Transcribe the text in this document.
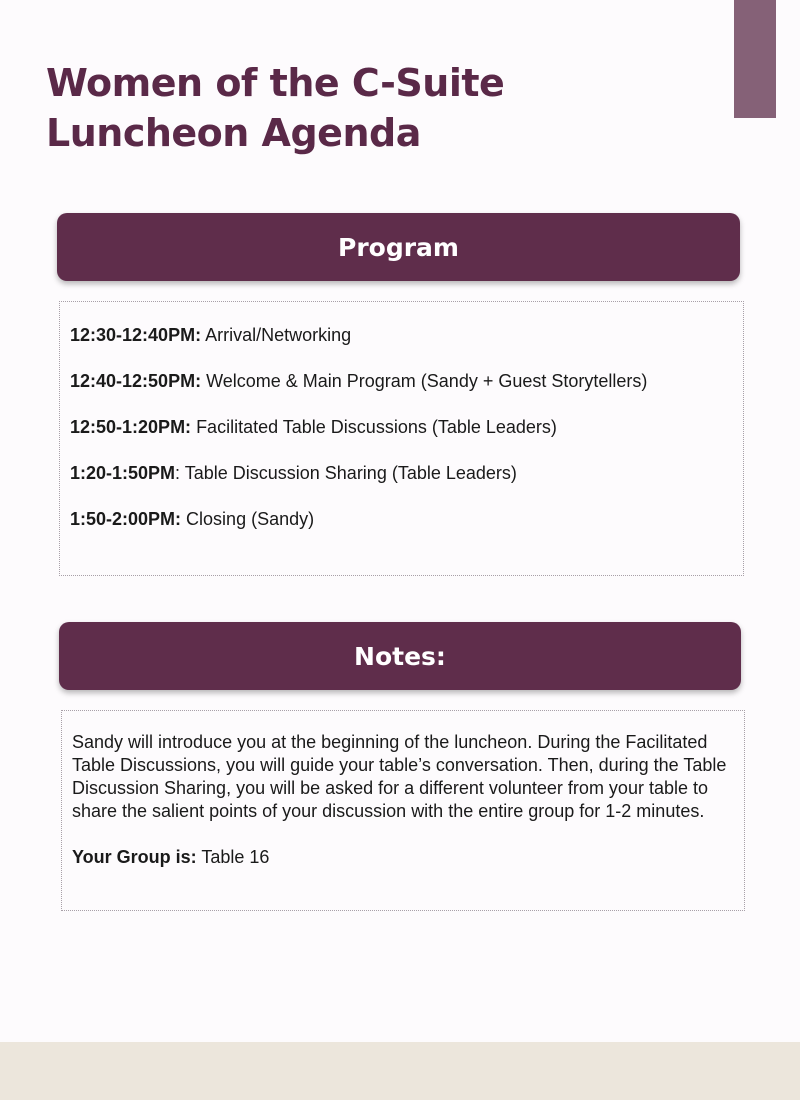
Women of the C-Suite
Luncheon Agenda
Program
12:30-12:40PM: Arrival/Networking
12:40-12:50PM: Welcome & Main Program (Sandy + Guest Storytellers)
12:50-1:20PM: Facilitated Table Discussions (Table Leaders)
1:20-1:50PM: Table Discussion Sharing (Table Leaders)
1:50-2:00PM: Closing (Sandy)
Notes:

Sandy will introduce you at the beginning of the luncheon. During the Facilitated Table Discussions, you will guide your table’s conversation. Then, during the Table Discussion Sharing, you will be asked for a different volunteer from your table to share the salient points of your discussion with the entire group for 1-2 minutes.

Your Group is: Table 16
